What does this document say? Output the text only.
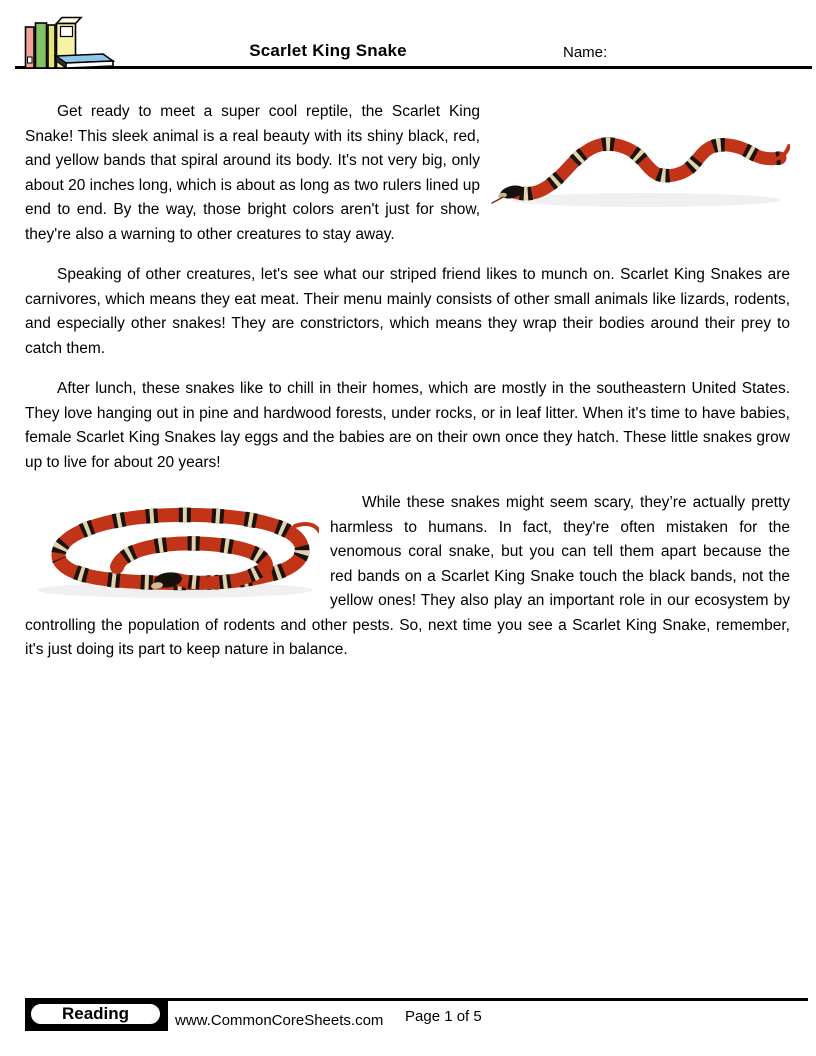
Scarlet King Snake	Name:

Get ready to meet a super cool reptile, the Scarlet King Snake! This sleek animal is a real beauty with its shiny black, red, and yellow bands that spiral around its body. It's not very big, only about 20 inches long, which is about as long as two rulers lined up end to end. By the way, those bright colors aren't just for show, they're also a warning to other creatures to stay away.

Speaking of other creatures, let's see what our striped friend likes to munch on. Scarlet King Snakes are carnivores, which means they eat meat. Their menu mainly consists of other small animals like lizards, rodents, and especially other snakes! They are constrictors, which means they wrap their bodies around their prey to catch them.

After lunch, these snakes like to chill in their homes, which are mostly in the southeastern United States. They love hanging out in pine and hardwood forests, under rocks, or in leaf litter. When it's time to have babies, female Scarlet King Snakes lay eggs and the babies are on their own once they hatch. These little snakes grow up to live for about 20 years!

While these snakes might seem scary, they’re actually pretty harmless to humans. In fact, they're often mistaken for the venomous coral snake, but you can tell them apart because the red bands on a Scarlet King Snake touch the black bands, not the yellow ones! They also play an important role in our ecosystem by controlling the population of rodents and other pests. So, next time you see a Scarlet King Snake, remember, it's just doing its part to keep nature in balance.

Reading	www.CommonCoreSheets.com Page 1 of 5
